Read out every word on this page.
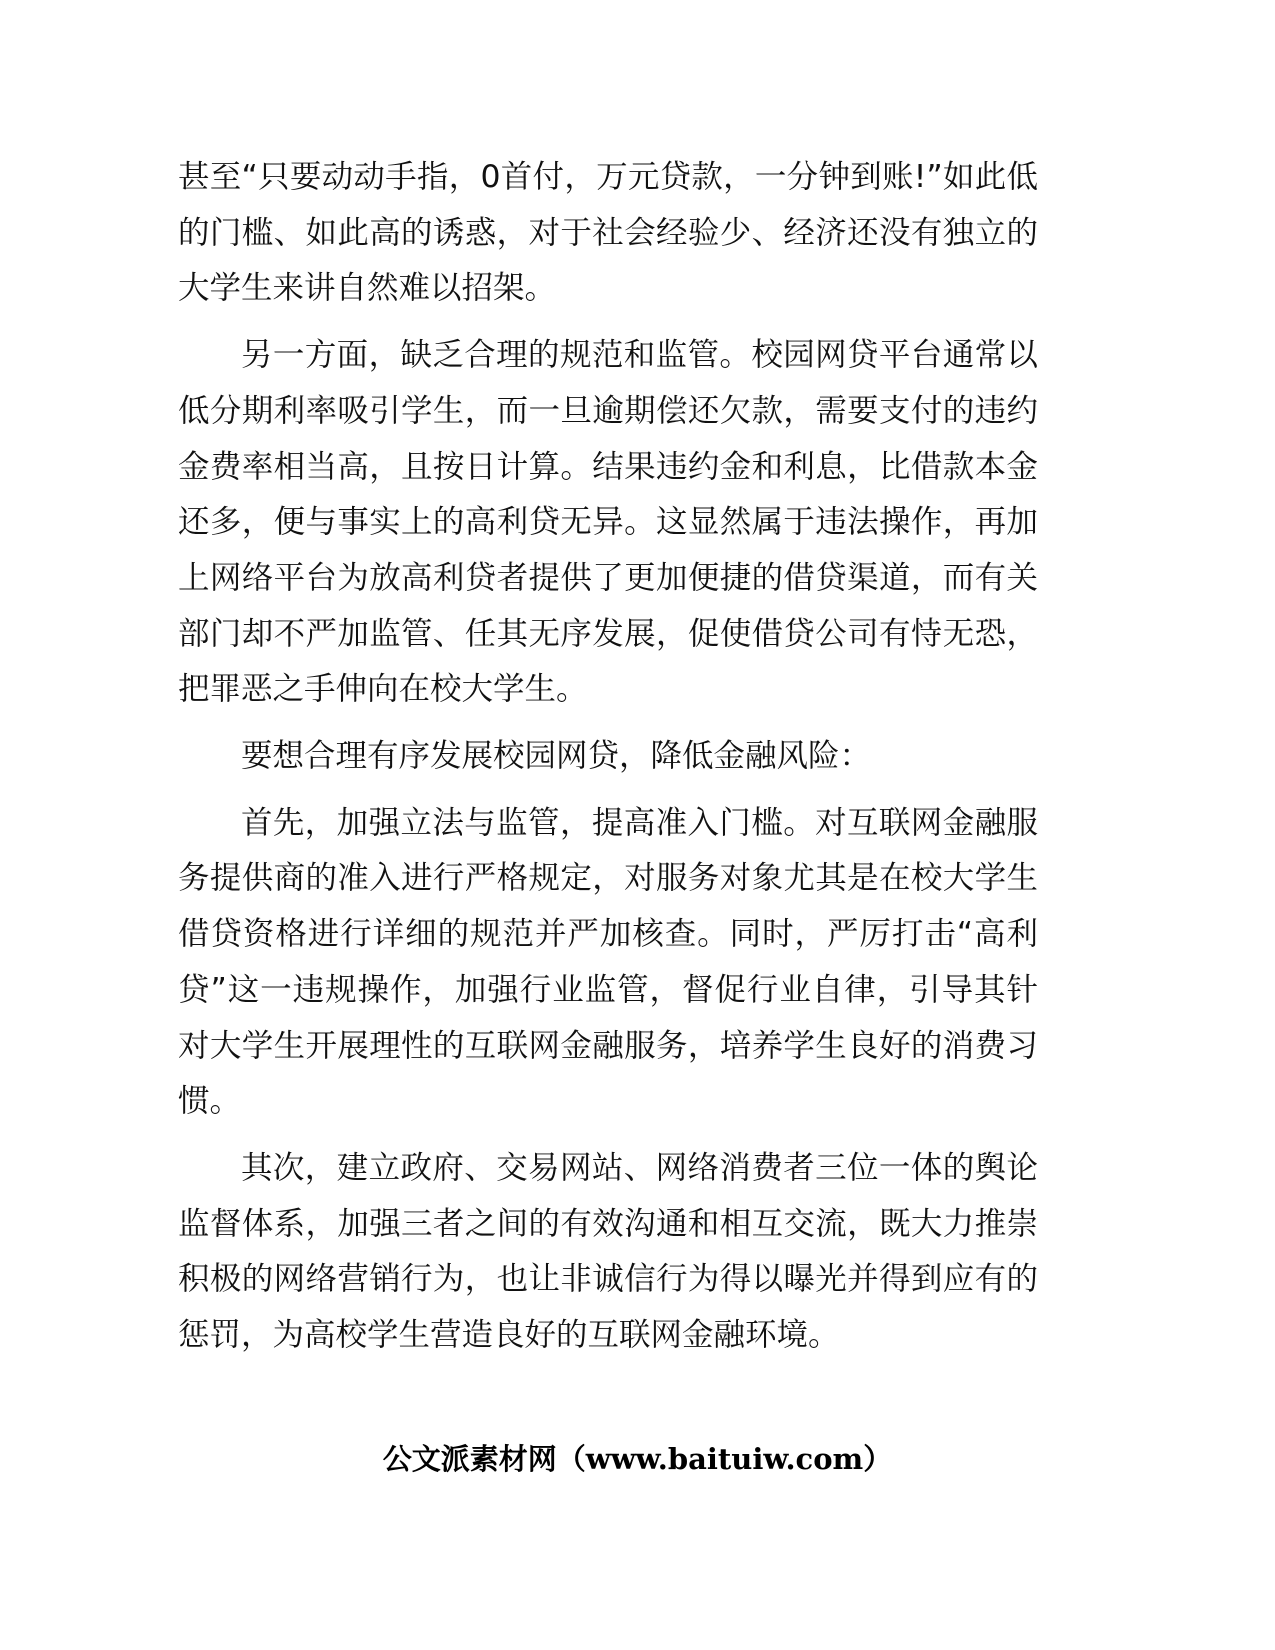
甚至“只要动动手指，0首付，万元贷款，一分钟到账!”如此低的门槛、如此高的诱惑，对于社会经验少、经济还没有独立的大学生来讲自然难以招架。

另一方面，缺乏合理的规范和监管。校园网贷平台通常以低分期利率吸引学生，而一旦逾期偿还欠款，需要支付的违约金费率相当高，且按日计算。结果违约金和利息，比借款本金还多，便与事实上的高利贷无异。这显然属于违法操作，再加上网络平台为放高利贷者提供了更加便捷的借贷渠道，而有关部门却不严加监管、任其无序发展，促使借贷公司有恃无恐，把罪恶之手伸向在校大学生。

要想合理有序发展校园网贷，降低金融风险：

首先，加强立法与监管，提高准入门槛。对互联网金融服务提供商的准入进行严格规定，对服务对象尤其是在校大学生借贷资格进行详细的规范并严加核查。同时，严厉打击“高利贷”这一违规操作，加强行业监管，督促行业自律，引导其针对大学生开展理性的互联网金融服务，培养学生良好的消费习惯。

其次，建立政府、交易网站、网络消费者三位一体的舆论监督体系，加强三者之间的有效沟通和相互交流，既大力推崇积极的网络营销行为，也让非诚信行为得以曝光并得到应有的惩罚，为高校学生营造良好的互联网金融环境。

公文派素材网（www.baituiw.com）
